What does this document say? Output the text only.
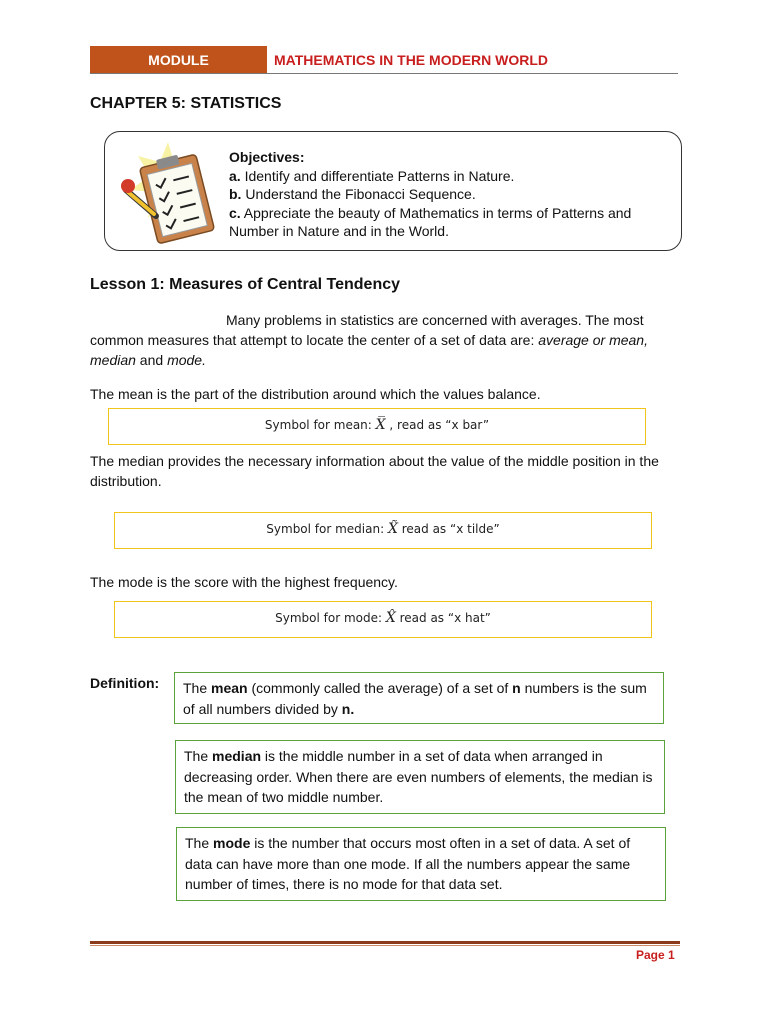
MODULE	MATHEMATICS IN THE MODERN WORLD
CHAPTER 5: STATISTICS
Objectives:
a. Identify and differentiate Patterns in Nature.
b. Understand the Fibonacci Sequence.
c. Appreciate the beauty of Mathematics in terms of Patterns and Number in Nature and in the World.
Lesson 1: Measures of Central Tendency
Many problems in statistics are concerned with averages. The most common measures that attempt to locate the center of a set of data are: average or mean, median and mode.
The mean is the part of the distribution around which the values balance.
Symbol for mean: X̅ , read as “x bar”
The median provides the necessary information about the value of the middle position in the distribution.
Symbol for median: X̃ read as “x tilde”
The mode is the score with the highest frequency.
Symbol for mode: X̂ read as “x hat”
Definition:	The mean (commonly called the average) of a set of n numbers is the sum of all numbers divided by n.
The median is the middle number in a set of data when arranged in decreasing order. When there are even numbers of elements, the median is the mean of two middle number.
The mode is the number that occurs most often in a set of data. A set of data can have more than one mode. If all the numbers appear the same number of times, there is no mode for that data set.
Page 1
